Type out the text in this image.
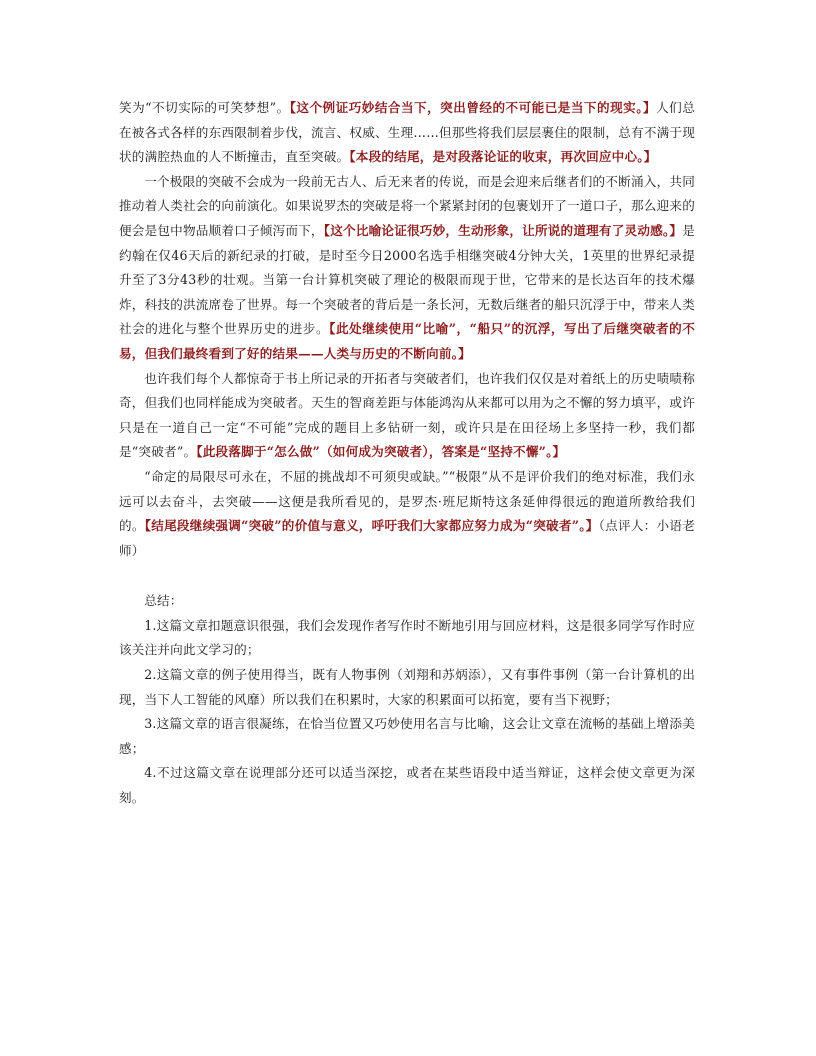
笑为“不切实际的可笑梦想”。【这个例证巧妙结合当下，突出曾经的不可能已是当下的现实。】人们总在被各式各样的东西限制着步伐，流言、权威、生理……但那些将我们层层裹住的限制，总有不满于现状的满腔热血的人不断撞击，直至突破。【本段的结尾，是对段落论证的收束，再次回应中心。】

一个极限的突破不会成为一段前无古人、后无来者的传说，而是会迎来后继者们的不断涌入，共同推动着人类社会的向前演化。如果说罗杰的突破是将一个紧紧封闭的包裹划开了一道口子，那么迎来的便会是包中物品顺着口子倾泻而下，【这个比喻论证很巧妙，生动形象，让所说的道理有了灵动感。】是约翰在仅46天后的新纪录的打破，是时至今日2000名选手相继突破4分钟大关，1英里的世界纪录提升至了3分43秒的壮观。当第一台计算机突破了理论的极限而现于世，它带来的是长达百年的技术爆炸，科技的洪流席卷了世界。每一个突破者的背后是一条长河，无数后继者的船只沉浮于中，带来人类社会的进化与整个世界历史的进步。【此处继续使用“比喻”，“船只”的沉浮，写出了后继突破者的不易，但我们最终看到了好的结果——人类与历史的不断向前。】

也许我们每个人都惊奇于书上所记录的开拓者与突破者们，也许我们仅仅是对着纸上的历史啧啧称奇，但我们也同样能成为突破者。天生的智商差距与体能鸿沟从来都可以用为之不懈的努力填平，或许只是在一道自己一定“不可能”完成的题目上多钻研一刻，或许只是在田径场上多坚持一秒，我们都是“突破者”。【此段落脚于“怎么做”（如何成为突破者），答案是“坚持不懈”。】

“命定的局限尽可永在，不屈的挑战却不可须臾或缺。”“极限”从不是评价我们的绝对标准，我们永远可以去奋斗，去突破——这便是我所看见的，是罗杰·班尼斯特这条延伸得很远的跑道所教给我们的。【结尾段继续强调“突破”的价值与意义，呼吁我们大家都应努力成为“突破者”。】（点评人：小语老师）

总结：

1.这篇文章扣题意识很强，我们会发现作者写作时不断地引用与回应材料，这是很多同学写作时应该关注并向此文学习的；

2.这篇文章的例子使用得当，既有人物事例（刘翔和苏炳添），又有事件事例（第一台计算机的出现，当下人工智能的风靡）所以我们在积累时，大家的积累面可以拓宽，要有当下视野；

3.这篇文章的语言很凝练，在恰当位置又巧妙使用名言与比喻，这会让文章在流畅的基础上增添美感；

4.不过这篇文章在说理部分还可以适当深挖，或者在某些语段中适当辩证，这样会使文章更为深刻。
